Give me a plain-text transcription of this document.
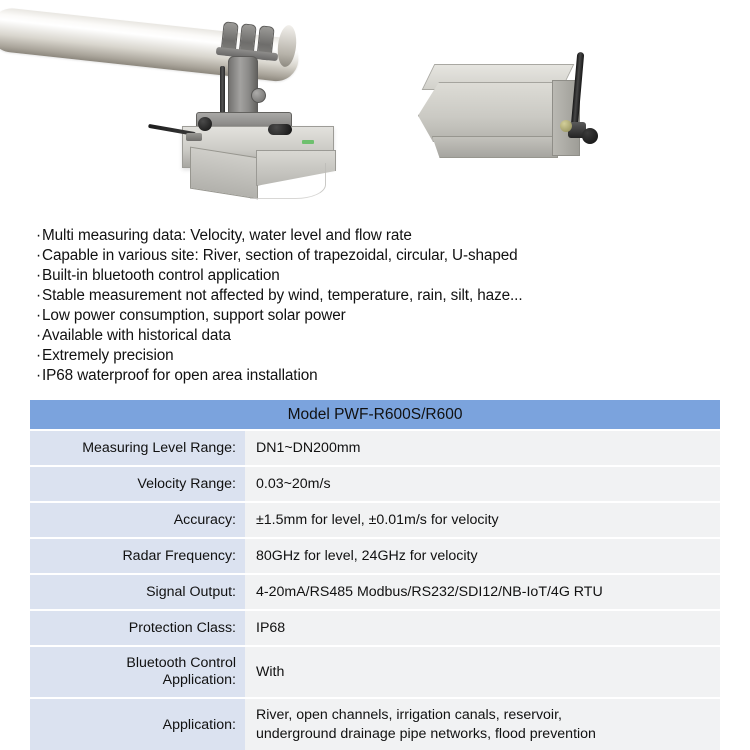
·Multi measuring data: Velocity, water level and flow rate
·Capable in various site: River, section of trapezoidal, circular, U-shaped
·Built-in bluetooth control application
·Stable measurement not affected by wind, temperature, rain, silt, haze...
·Low power consumption, support solar power
·Available with historical data
·Extremely precision
·IP68 waterproof for open area installation
Model PWF-R600S/R600	
Measuring Level Range:	DN1~DN200mm
Velocity Range:	0.03~20m/s
Accuracy:	±1.5mm for level, ±0.01m/s for velocity
Radar Frequency:	80GHz for level, 24GHz for velocity
Signal Output:	4-20mA/RS485 Modbus/RS232/SDI12/NB-IoT/4G RTU
Protection Class:	IP68

Bluetooth Control
Application:	With
Application:	River, open channels, irrigation canals, reservoir,
underground drainage pipe networks, flood prevention
